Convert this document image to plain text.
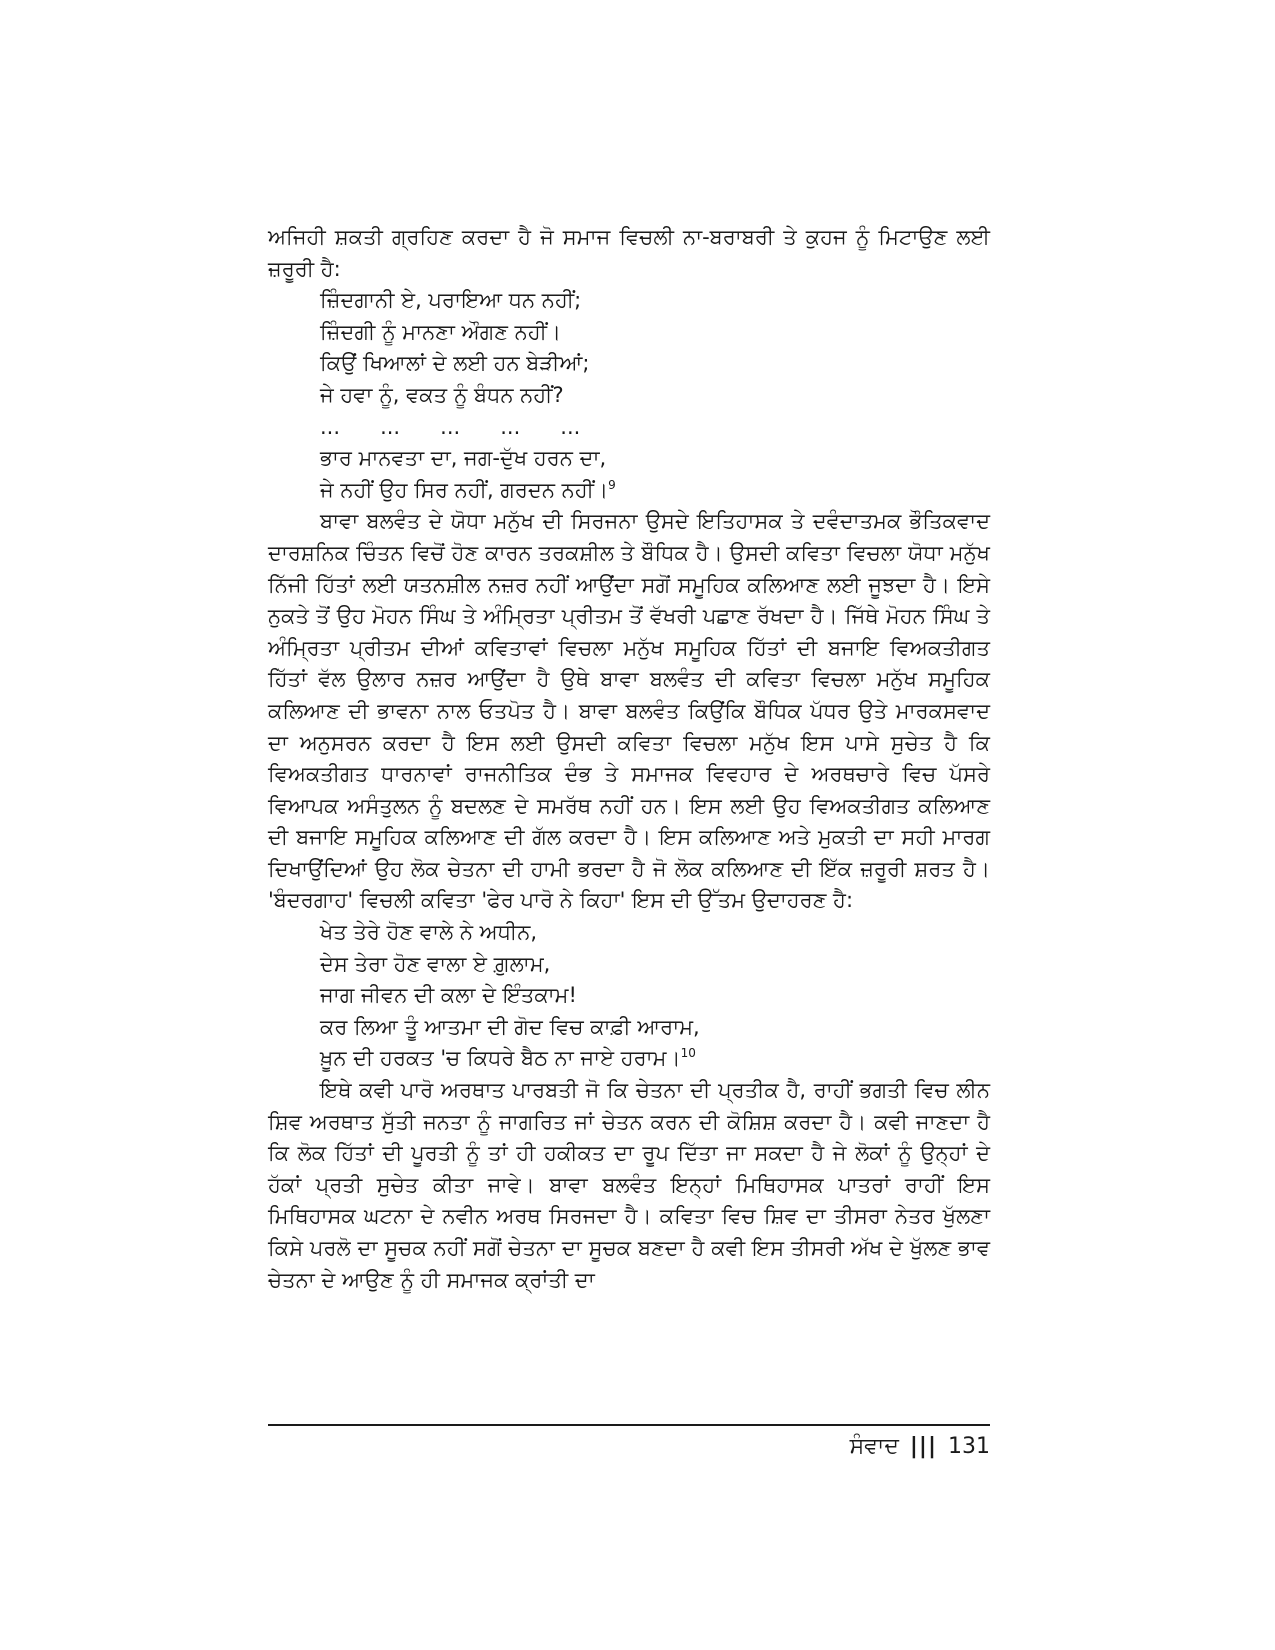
ਅਜਿਹੀ ਸ਼ਕਤੀ ਗ੍ਰਹਿਣ ਕਰਦਾ ਹੈ ਜੋ ਸਮਾਜ ਵਿਚਲੀ ਨਾ-ਬਰਾਬਰੀ ਤੇ ਕੁਹਜ ਨੂੰ ਮਿਟਾਉਣ ਲਈ ਜ਼ਰੂਰੀ ਹੈ:

ਜ਼ਿੰਦਗਾਨੀ ਏ, ਪਰਾਇਆ ਧਨ ਨਹੀਂ;
ਜ਼ਿੰਦਗੀ ਨੂੰ ਮਾਨਣਾ ਔਗਣ ਨਹੀਂ।
ਕਿਉਂ ਖਿਆਲਾਂ ਦੇ ਲਈ ਹਨ ਬੇੜੀਆਂ;
ਜੇ ਹਵਾ ਨੂੰ, ਵਕਤ ਨੂੰ ਬੰਧਨ ਨਹੀਂ?
...      ...      ...      ...      ...
ਭਾਰ ਮਾਨਵਤਾ ਦਾ, ਜਗ-ਦੁੱਖ ਹਰਨ ਦਾ,
ਜੇ ਨਹੀਂ ਉਹ ਸਿਰ ਨਹੀਂ, ਗਰਦਨ ਨਹੀਂ।$^9$

ਬਾਵਾ ਬਲਵੰਤ ਦੇ ਯੋਧਾ ਮਨੁੱਖ ਦੀ ਸਿਰਜਨਾ ਉਸਦੇ ਇਤਿਹਾਸਕ ਤੇ ਦਵੰਦਾਤਮਕ ਭੌਤਿਕਵਾਦ ਦਾਰਸ਼ਨਿਕ ਚਿੰਤਨ ਵਿਚੋਂ ਹੋਣ ਕਾਰਨ ਤਰਕਸ਼ੀਲ ਤੇ ਬੌਧਿਕ ਹੈ। ਉਸਦੀ ਕਵਿਤਾ ਵਿਚਲਾ ਯੋਧਾ ਮਨੁੱਖ ਨਿੱਜੀ ਹਿੱਤਾਂ ਲਈ ਯਤਨਸ਼ੀਲ ਨਜ਼ਰ ਨਹੀਂ ਆਉਂਦਾ ਸਗੋਂ ਸਮੂਹਿਕ ਕਲਿਆਣ ਲਈ ਜੂਝਦਾ ਹੈ। ਇਸੇ ਨੁਕਤੇ ਤੋਂ ਉਹ ਮੋਹਨ ਸਿੰਘ ਤੇ ਅੰਮ੍ਰਿਤਾ ਪ੍ਰੀਤਮ ਤੋਂ ਵੱਖਰੀ ਪਛਾਣ ਰੱਖਦਾ ਹੈ। ਜਿੱਥੇ ਮੋਹਨ ਸਿੰਘ ਤੇ ਅੰਮ੍ਰਿਤਾ ਪ੍ਰੀਤਮ ਦੀਆਂ ਕਵਿਤਾਵਾਂ ਵਿਚਲਾ ਮਨੁੱਖ ਸਮੂਹਿਕ ਹਿੱਤਾਂ ਦੀ ਬਜਾਇ ਵਿਅਕਤੀਗਤ ਹਿੱਤਾਂ ਵੱਲ ਉਲਾਰ ਨਜ਼ਰ ਆਉਂਦਾ ਹੈ ਉਥੇ ਬਾਵਾ ਬਲਵੰਤ ਦੀ ਕਵਿਤਾ ਵਿਚਲਾ ਮਨੁੱਖ ਸਮੂਹਿਕ ਕਲਿਆਣ ਦੀ ਭਾਵਨਾ ਨਾਲ ਓਤਪੋਤ ਹੈ। ਬਾਵਾ ਬਲਵੰਤ ਕਿਉਂਕਿ ਬੌਧਿਕ ਪੱਧਰ ਉਤੇ ਮਾਰਕਸਵਾਦ ਦਾ ਅਨੁਸਰਨ ਕਰਦਾ ਹੈ ਇਸ ਲਈ ਉਸਦੀ ਕਵਿਤਾ ਵਿਚਲਾ ਮਨੁੱਖ ਇਸ ਪਾਸੇ ਸੁਚੇਤ ਹੈ ਕਿ ਵਿਅਕਤੀਗਤ ਧਾਰਨਾਵਾਂ ਰਾਜਨੀਤਿਕ ਦੰਭ ਤੇ ਸਮਾਜਕ ਵਿਵਹਾਰ ਦੇ ਅਰਥਚਾਰੇ ਵਿਚ ਪੱਸਰੇ ਵਿਆਪਕ ਅਸੰਤੁਲਨ ਨੂੰ ਬਦਲਣ ਦੇ ਸਮਰੱਥ ਨਹੀਂ ਹਨ। ਇਸ ਲਈ ਉਹ ਵਿਅਕਤੀਗਤ ਕਲਿਆਣ ਦੀ ਬਜਾਇ ਸਮੂਹਿਕ ਕਲਿਆਣ ਦੀ ਗੱਲ ਕਰਦਾ ਹੈ। ਇਸ ਕਲਿਆਣ ਅਤੇ ਮੁਕਤੀ ਦਾ ਸਹੀ ਮਾਰਗ ਦਿਖਾਉਂਦਿਆਂ ਉਹ ਲੋਕ ਚੇਤਨਾ ਦੀ ਹਾਮੀ ਭਰਦਾ ਹੈ ਜੋ ਲੋਕ ਕਲਿਆਣ ਦੀ ਇੱਕ ਜ਼ਰੂਰੀ ਸ਼ਰਤ ਹੈ। 'ਬੰਦਰਗਾਹ' ਵਿਚਲੀ ਕਵਿਤਾ 'ਫੇਰ ਪਾਰੋ ਨੇ ਕਿਹਾ' ਇਸ ਦੀ ਉੱਤਮ ਉਦਾਹਰਣ ਹੈ:

ਖੇਤ ਤੇਰੇ ਹੋਣ ਵਾਲੇ ਨੇ ਅਧੀਨ,
ਦੇਸ ਤੇਰਾ ਹੋਣ ਵਾਲਾ ਏ ਗ਼ੁਲਾਮ,
ਜਾਗ ਜੀਵਨ ਦੀ ਕਲਾ ਦੇ ਇੰਤਕਾਮ!
ਕਰ ਲਿਆ ਤੂੰ ਆਤਮਾ ਦੀ ਗੋਦ ਵਿਚ ਕਾਫ਼ੀ ਆਰਾਮ,
ਖ਼ੂਨ ਦੀ ਹਰਕਤ 'ਚ ਕਿਧਰੇ ਬੈਠ ਨਾ ਜਾਏ ਹਰਾਮ।$^{10}$

ਇਥੇ ਕਵੀ ਪਾਰੋ ਅਰਥਾਤ ਪਾਰਬਤੀ ਜੋ ਕਿ ਚੇਤਨਾ ਦੀ ਪ੍ਰਤੀਕ ਹੈ, ਰਾਹੀਂ ਭਗਤੀ ਵਿਚ ਲੀਨ ਸ਼ਿਵ ਅਰਥਾਤ ਸੁੱਤੀ ਜਨਤਾ ਨੂੰ ਜਾਗਰਿਤ ਜਾਂ ਚੇਤਨ ਕਰਨ ਦੀ ਕੋਸ਼ਿਸ਼ ਕਰਦਾ ਹੈ। ਕਵੀ ਜਾਣਦਾ ਹੈ ਕਿ ਲੋਕ ਹਿੱਤਾਂ ਦੀ ਪੂਰਤੀ ਨੂੰ ਤਾਂ ਹੀ ਹਕੀਕਤ ਦਾ ਰੂਪ ਦਿੱਤਾ ਜਾ ਸਕਦਾ ਹੈ ਜੇ ਲੋਕਾਂ ਨੂੰ ਉਨ੍ਹਾਂ ਦੇ ਹੱਕਾਂ ਪ੍ਰਤੀ ਸੁਚੇਤ ਕੀਤਾ ਜਾਵੇ। ਬਾਵਾ ਬਲਵੰਤ ਇਨ੍ਹਾਂ ਮਿਥਿਹਾਸਕ ਪਾਤਰਾਂ ਰਾਹੀਂ ਇਸ ਮਿਥਿਹਾਸਕ ਘਟਨਾ ਦੇ ਨਵੀਨ ਅਰਥ ਸਿਰਜਦਾ ਹੈ। ਕਵਿਤਾ ਵਿਚ ਸ਼ਿਵ ਦਾ ਤੀਸਰਾ ਨੇਤਰ ਖੁੱਲਣਾ ਕਿਸੇ ਪਰਲੋ ਦਾ ਸੂਚਕ ਨਹੀਂ ਸਗੋਂ ਚੇਤਨਾ ਦਾ ਸੂਚਕ ਬਣਦਾ ਹੈ ਕਵੀ ਇਸ ਤੀਸਰੀ ਅੱਖ ਦੇ ਖੁੱਲਣ ਭਾਵ ਚੇਤਨਾ ਦੇ ਆਉਣ ਨੂੰ ਹੀ ਸਮਾਜਕ ਕ੍ਰਾਂਤੀ ਦਾ

ਸੰਵਾਦ ||| 131
